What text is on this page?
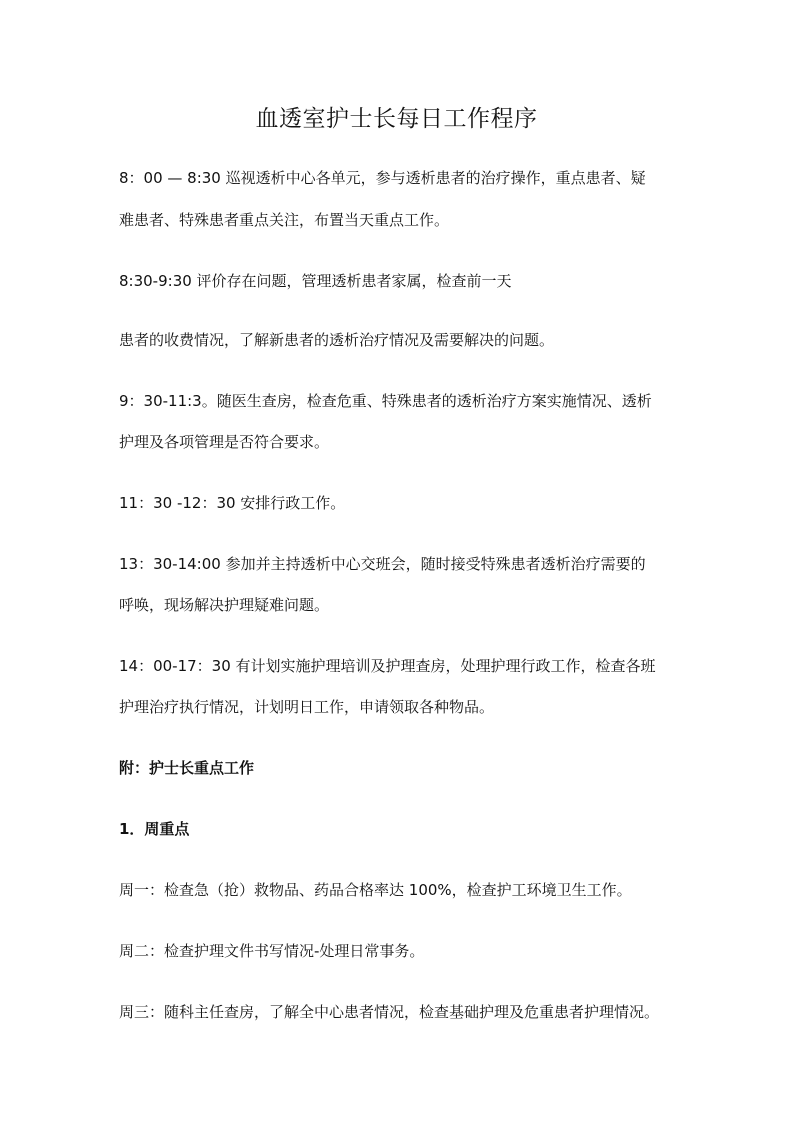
血透室护士长每日工作程序

8：00 — 8:30 巡视透析中心各单元，参与透析患者的治疗操作，重点患者、疑

难患者、特殊患者重点关注，布置当天重点工作。

8:30-9:30 评价存在问题，管理透析患者家属，检查前一天

患者的收费情况，了解新患者的透析治疗情况及需要解决的问题。

9：30-11:3。随医生查房，检查危重、特殊患者的透析治疗方案实施情况、透析

护理及各项管理是否符合要求。

11：30 -12：30 安排行政工作。

13：30-14:00 参加并主持透析中心交班会，随时接受特殊患者透析治疗需要的

呼唤，现场解决护理疑难问题。

14：00-17：30 有计划实施护理培训及护理查房，处理护理行政工作，检查各班

护理治疗执行情况，计划明日工作，申请领取各种物品。

附：护士长重点工作

1．周重点

周一：检查急（抢）救物品、药品合格率达 100%，检查护工环境卫生工作。

周二：检查护理文件书写情况-处理日常事务。

周三：随科主任查房，了解全中心患者情况，检查基础护理及危重患者护理情况。
